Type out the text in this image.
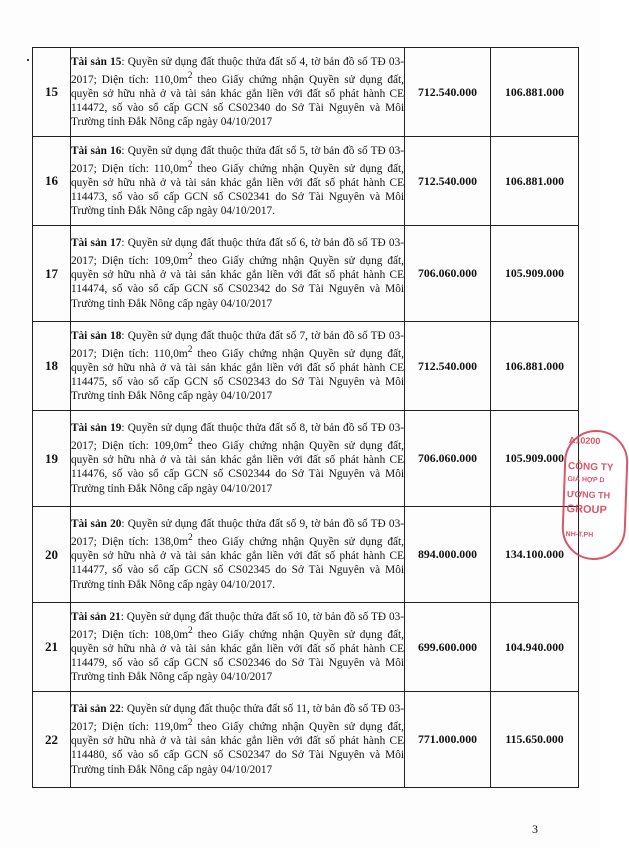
15	Tài sản 15: Quyền sử dụng đất thuộc thửa đất số 4, tờ bản đồ số TĐ 03-2017; Diện tích: $110,0m^2$ theo Giấy chứng nhận Quyền sử dụng đất, quyền sở hữu nhà ở và tài sản khác gắn liền với đất số phát hành CE 114472, số vào sổ cấp GCN số CS02340 do Sở Tài Nguyên và Môi Trường tỉnh Đắk Nông cấp ngày 04/10/2017	712.540.000	106.881.000
16	Tài sản 16: Quyền sử dụng đất thuộc thửa đất số 5, tờ bản đồ số TĐ 03-2017; Diện tích: $110,0m^2$ theo Giấy chứng nhận Quyền sử dụng đất, quyền sở hữu nhà ở và tài sản khác gắn liền với đất số phát hành CE 114473, số vào sổ cấp GCN số CS02341 do Sở Tài Nguyên và Môi Trường tỉnh Đắk Nông cấp ngày 04/10/2017.	712.540.000	106.881.000
17	Tài sản 17: Quyền sử dụng đất thuộc thửa đất số 6, tờ bản đồ số TĐ 03-2017; Diện tích: $109,0m^2$ theo Giấy chứng nhận Quyền sử dụng đất, quyền sở hữu nhà ở và tài sản khác gắn liền với đất số phát hành CE 114474, số vào sổ cấp GCN số CS02342 do Sở Tài Nguyên và Môi Trường tỉnh Đắk Nông cấp ngày 04/10/2017	706.060.000	105.909.000
18	Tài sản 18: Quyền sử dụng đất thuộc thửa đất số 7, tờ bản đồ số TĐ 03-2017; Diện tích: $110,0m^2$ theo Giấy chứng nhận Quyền sử dụng đất, quyền sở hữu nhà ở và tài sản khác gắn liền với đất số phát hành CE 114475, số vào sổ cấp GCN số CS02343 do Sở Tài Nguyên và Môi Trường tỉnh Đắk Nông cấp ngày 04/10/2017	712.540.000	106.881.000
19	Tài sản 19: Quyền sử dụng đất thuộc thửa đất số 8, tờ bản đồ số TĐ 03-2017; Diện tích: $109,0m^2$ theo Giấy chứng nhận Quyền sử dụng đất, quyền sở hữu nhà ở và tài sản khác gắn liền với đất số phát hành CE 114476, số vào sổ cấp GCN số CS02344 do Sở Tài Nguyên và Môi Trường tỉnh Đắk Nông cấp ngày 04/10/2017	706.060.000	105.909.000
20	Tài sản 20: Quyền sử dụng đất thuộc thửa đất số 9, tờ bản đồ số TĐ 03-2017; Diện tích: $138,0m^2$ theo Giấy chứng nhận Quyền sử dụng đất, quyền sở hữu nhà ở và tài sản khác gắn liền với đất số phát hành CE 114477, số vào sổ cấp GCN số CS02345 do Sở Tài Nguyên và Môi Trường tỉnh Đắk Nông cấp ngày 04/10/2017.	894.000.000	134.100.000
21	Tài sản 21: Quyền sử dụng đất thuộc thửa đất số 10, tờ bản đồ số TĐ 03-2017; Diện tích: $108,0m^2$ theo Giấy chứng nhận Quyền sử dụng đất, quyền sở hữu nhà ở và tài sản khác gắn liền với đất số phát hành CE 114479, số vào sổ cấp GCN số CS02346 do Sở Tài Nguyên và Môi Trường tỉnh Đắk Nông cấp ngày 04/10/2017	699.600.000	104.940.000
22	Tài sản 22: Quyền sử dụng đất thuộc thửa đất số 11, tờ bản đồ số TĐ 03-2017; Diện tích: $119,0m^2$ theo Giấy chứng nhận Quyền sử dụng đất, quyền sở hữu nhà ở và tài sản khác gắn liền với đất số phát hành CE 114480, số vào sổ cấp GCN số CS02347 do Sở Tài Nguyên và Môi Trường tỉnh Đắk Nông cấp ngày 04/10/2017	771.000.000	115.650.000
A10200
CÔNG TY
GIÁ HỢP D
ƯƠNG TH
GROUP
NH-T.PH
3
